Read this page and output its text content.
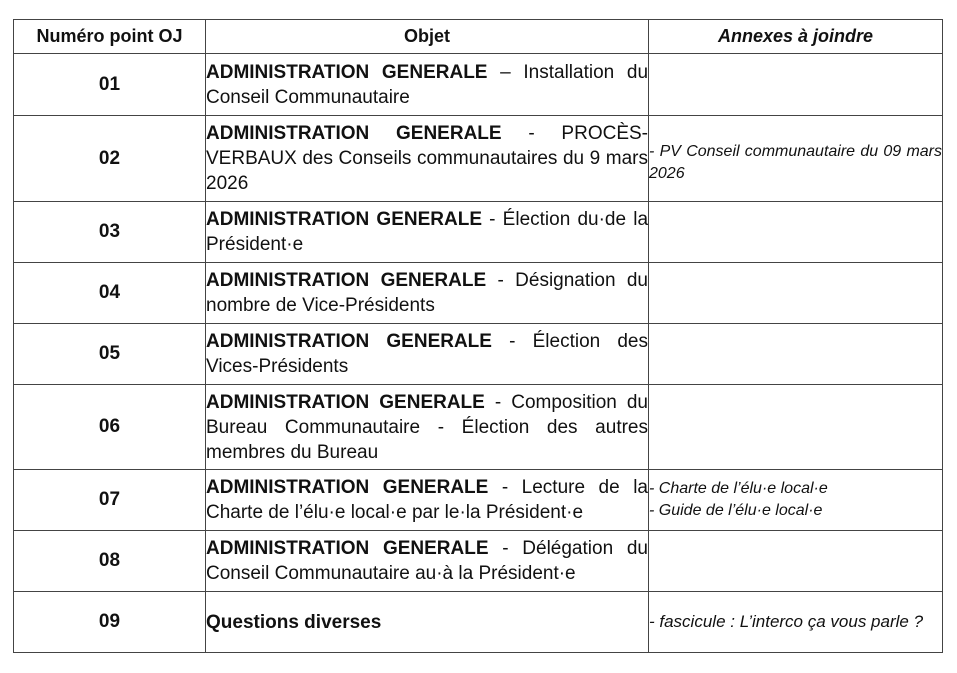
Numéro point OJ	Objet	Annexes à joindre
01	ADMINISTRATION GENERALE – Installation du Conseil Communautaire	
02	ADMINISTRATION GENERALE - PROCÈS-VERBAUX des Conseils communautaires du 9 mars 2026	- PV Conseil communautaire du 09 mars 2026

03	ADMINISTRATION GENERALE - Élection du·de la Président·e	
04	ADMINISTRATION GENERALE - Désignation du nombre de Vice-Présidents	
05	ADMINISTRATION GENERALE - Élection des Vices-Présidents	
06	ADMINISTRATION GENERALE - Composition du Bureau Communautaire - Élection des autres membres du Bureau	
07	ADMINISTRATION GENERALE - Lecture de la Charte de l’élu·e local·e par le·la Président·e	- Charte de l’élu·e local·e
- Guide de l’élu·e local·e

08	ADMINISTRATION GENERALE - Délégation du Conseil Communautaire au·à la Président·e	
09	Questions diverses	- fascicule : L’interco ça vous parle ?
